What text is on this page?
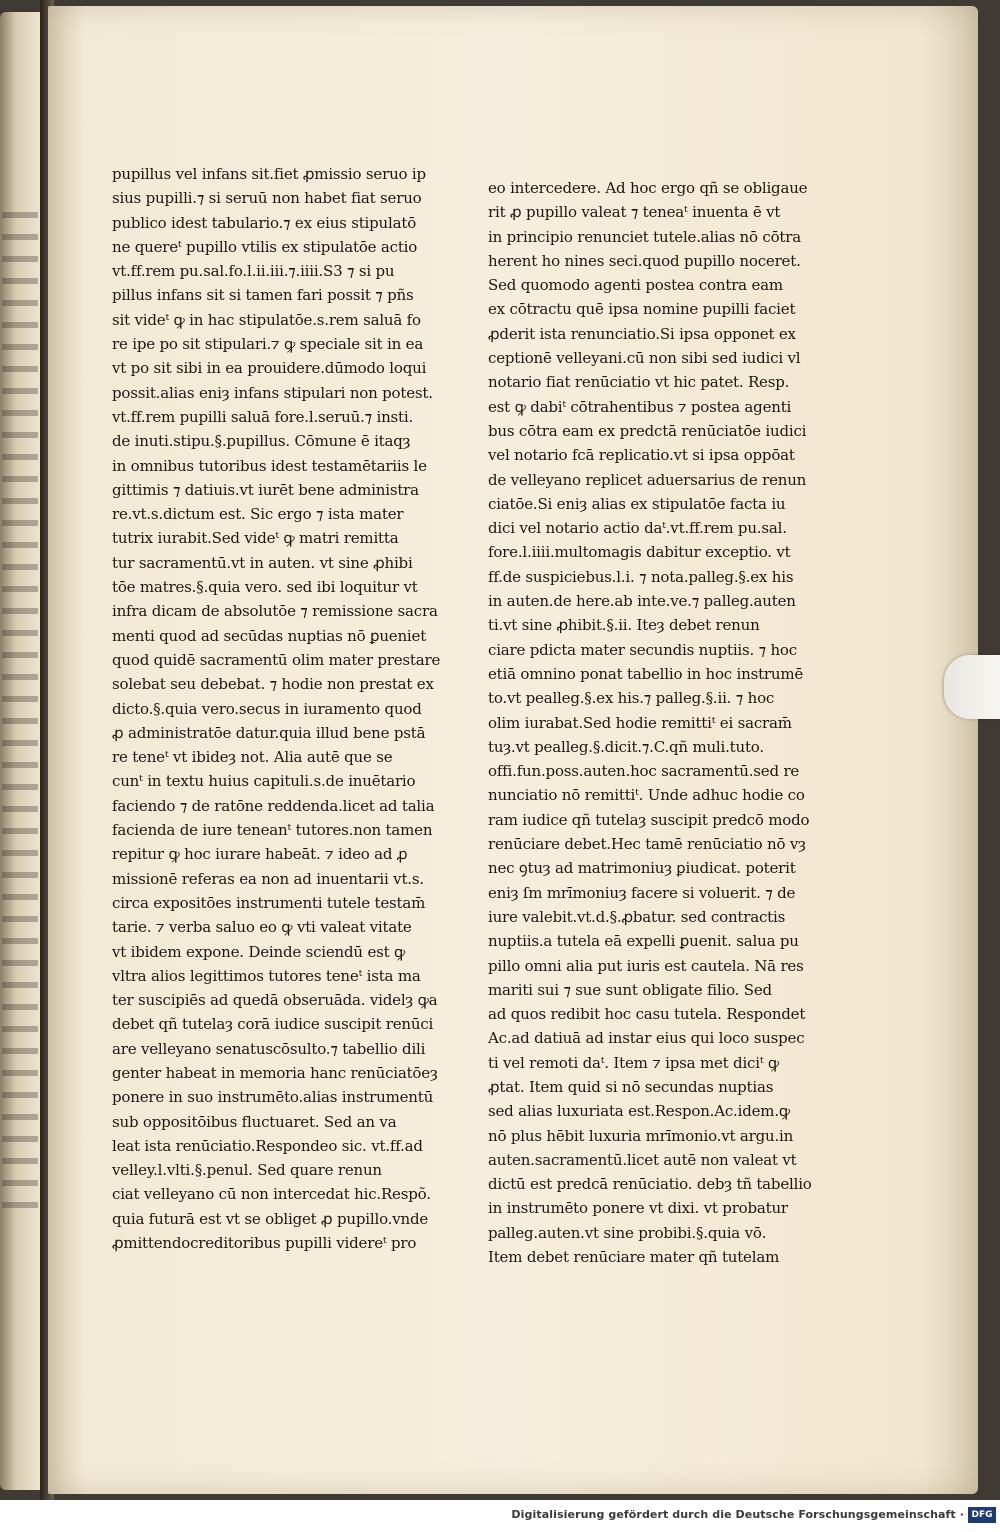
pupillus vel infans sit.fiet ꝓmissio seruo ip
sius pupilli.⁊ si seruū non habet fiat seruo
publico idest tabulario.⁊ ex eius stipulatō
ne quereᵗ pupillo vtilis ex stipulatōe actio
vt.ff.rem pu.sal.fo.l.ii.iii.⁊.iiii.S3 ⁊ si pu
pillus infans sit si tamen fari possit ⁊ pñs
sit videᵗ ꝙ in hac stipulatōe.s.rem saluā fo
re ipe po sit stipulari.⁊ ꝙ speciale sit in ea
vt po sit sibi in ea prouidere.dūmodo loqui
possit.alias eniȝ infans stipulari non potest.
vt.ff.rem pupilli saluā fore.l.seruū.⁊ insti.
de inuti.stipu.§.pupillus. Cōmune ē itaqȝ
in omnibus tutoribus idest testamētariis le
gittimis ⁊ datiuis.vt iurēt bene administra
re.vt.s.dictum est. Sic ergo ⁊ ista mater
tutrix iurabit.Sed videᵗ ꝙ matri remitta
tur sacramentū.vt in auten. vt sine ꝓhibi
tōe matres.§.quia vero. sed ibi loquitur vt
infra dicam de absolutōe ⁊ remissione sacra
menti quod ad secūdas nuptias nō ꝑueniet
quod quidē sacramentū olim mater prestare
solebat seu debebat. ⁊ hodie non prestat ex
dicto.§.quia vero.secus in iuramento quod
ꝓ administratōe datur.quia illud bene pstā
re teneᵗ vt ibideȝ not. Alia autē que se
cunᵗ in textu huius capituli.s.de inuētario
faciendo ⁊ de ratōne reddenda.licet ad talia
facienda de iure teneanᵗ tutores.non tamen
repitur ꝙ hoc iurare habeāt. ⁊ ideo ad ꝓ
missionē referas ea non ad inuentarii vt.s.
circa expositōes instrumenti tutele testam̄
tarie. ⁊ verba saluo eo ꝙ vti valeat vitate
vt ibidem expone. Deinde sciendū est ꝙ
vltra alios legittimos tutores teneᵗ ista ma
ter suscipiēs ad quedā obseruāda. videlȝ ꝙa
debet qñ tutelaȝ corā iudice suscipit renūci
are velleyano senatuscōsulto.⁊ tabellio dili
genter habeat in memoria hanc renūciatōeȝ
ponere in suo instrumēto.alias instrumentū
sub oppositōibus fluctuaret. Sed an va
leat ista renūciatio.Respondeo sic. vt.ff.ad
velley.l.vlti.§.penul. Sed quare renun
ciat velleyano cū non intercedat hic.Respõ.
quia futurā est vt se obliget ꝓ pupillo.vnde
ꝓmittendocreditoribus pupilli videreᵗ pro
eo intercedere. Ad hoc ergo qñ se obligaue
rit ꝓ pupillo valeat ⁊ teneaᵗ inuenta ē vt
in principio renunciet tutele.alias nō cōtra
herent ho nines seci.quod pupillo noceret.
Sed quomodo agenti postea contra eam
ex cōtractu quē ipsa nomine pupilli faciet
ꝓderit ista renunciatio.Si ipsa opponet ex
ceptionē velleyani.cū non sibi sed iudici vl
notario fiat renūciatio vt hic patet. Resp.
est ꝙ dabiᵗ cōtrahentibus ⁊ postea agenti
bus cōtra eam ex predctā renūciatōe iudici
vel notario fcā replicatio.vt si ipsa oppōat
de velleyano replicet aduersarius de renun
ciatōe.Si eniȝ alias ex stipulatōe facta iu
dici vel notario actio daᵗ.vt.ff.rem pu.sal.
fore.l.iiii.multomagis dabitur exceptio. vt
ff.de suspiciebus.l.i. ⁊ nota.palleg.§.ex his
in auten.de here.ab inte.ve.⁊ palleg.auten
ti.vt sine ꝓhibit.§.ii. Iteȝ debet renun
ciare pdicta mater secundis nuptiis. ⁊ hoc
etiā omnino ponat tabellio in hoc instrumē
to.vt pealleg.§.ex his.⁊ palleg.§.ii. ⁊ hoc
olim iurabat.Sed hodie remittiᵗ ei sacram̄
tuȝ.vt pealleg.§.dicit.⁊.C.qñ muli.tuto.
offi.fun.poss.auten.hoc sacramentū.sed re
nunciatio nō remittiᵗ. Unde adhuc hodie co
ram iudice qñ tutelaȝ suscipit predcō modo
renūciare debet.Hec tamē renūciatio nō vȝ
nec ꝯtuȝ ad matrimoniuȝ ꝑiudicat. poterit
eniȝ ſm mrīmoniuȝ facere si voluerit. ⁊ de
iure valebit.vt.d.§.ꝓbatur. sed contractis
nuptiis.a tutela eā expelli ꝑuenit. salua pu
pillo omni alia put iuris est cautela. Nā res
mariti sui ⁊ sue sunt obligate filio. Sed
ad quos redibit hoc casu tutela. Respondet
Ac.ad datiuā ad instar eius qui loco suspec
ti vel remoti daᵗ. Item ⁊ ipsa met diciᵗ ꝙ
ꝓtat. Item quid si nō secundas nuptias
sed alias luxuriata est.Respon.Ac.idem.ꝙ
nō plus hēbit luxuria mrīmonio.vt argu.in
auten.sacramentū.licet autē non valeat vt
dictū est predcā renūciatio. debȝ tñ tabellio
in instrumēto ponere vt dixi. vt probatur
palleg.auten.vt sine probibi.§.quia vō.
Item debet renūciare mater qñ tutelam
Digitalisierung gefördert durch die Deutsche Forschungsgemeinschaft · DFG
